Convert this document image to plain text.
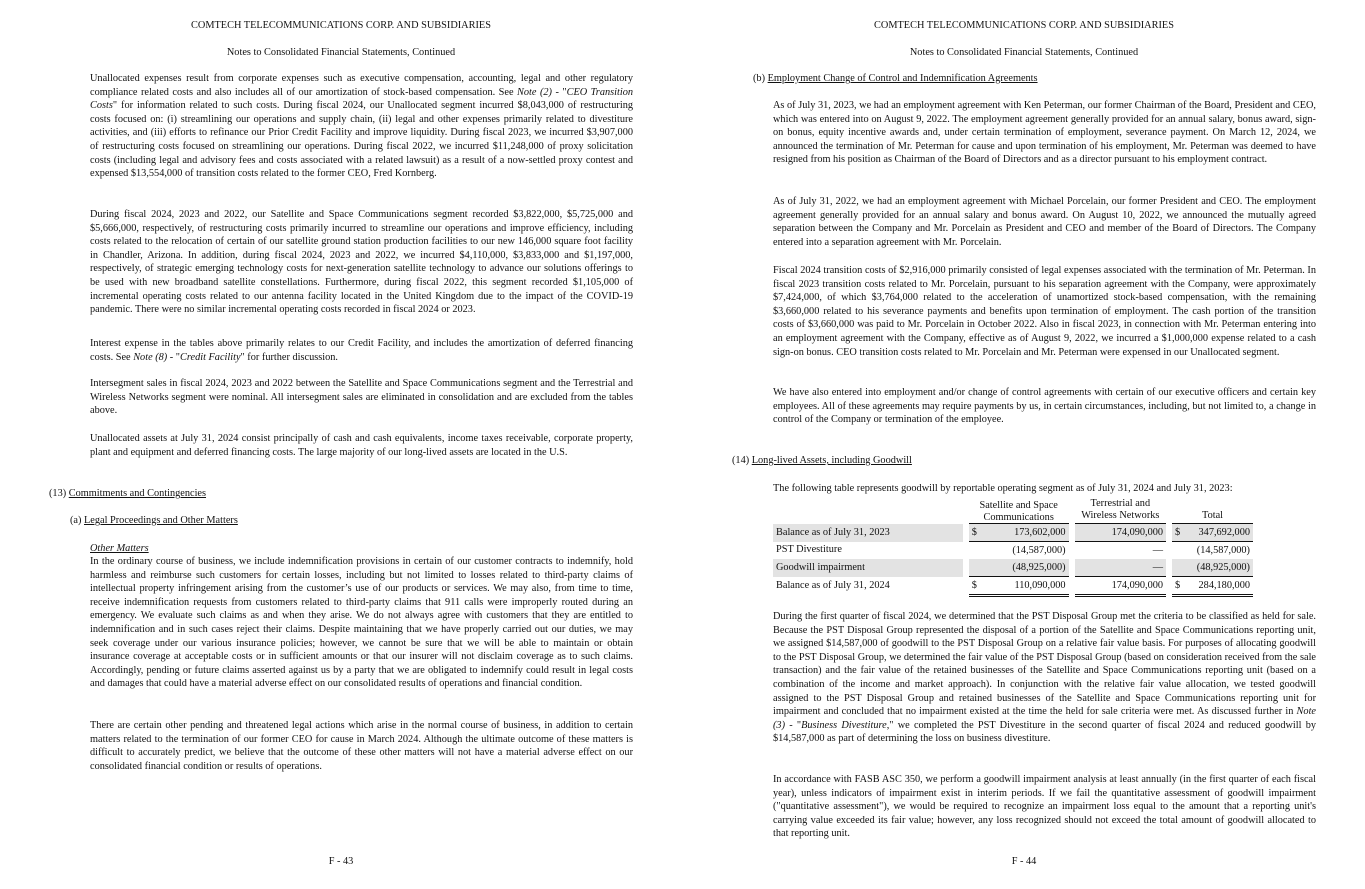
COMTECH TELECOMMUNICATIONS CORP. AND SUBSIDIARIES
Notes to Consolidated Financial Statements, Continued

Unallocated expenses result from corporate expenses such as executive compensation, accounting, legal and other regulatory compliance related costs and also includes all of our amortization of stock-based compensation. See Note (2) - "CEO Transition Costs" for information related to such costs. During fiscal 2024, our Unallocated segment incurred $8,043,000 of restructuring costs focused on: (i) streamlining our operations and supply chain, (ii) legal and other expenses primarily related to divestiture activities, and (iii) efforts to refinance our Prior Credit Facility and improve liquidity. During fiscal 2023, we incurred $3,907,000 of restructuring costs focused on streamlining our operations. During fiscal 2022, we incurred $11,248,000 of proxy solicitation costs (including legal and advisory fees and costs associated with a related lawsuit) as a result of a now-settled proxy contest and expensed $13,554,000 of transition costs related to the former CEO, Fred Kornberg.

During fiscal 2024, 2023 and 2022, our Satellite and Space Communications segment recorded $3,822,000, $5,725,000 and $5,666,000, respectively, of restructuring costs primarily incurred to streamline our operations and improve efficiency, including costs related to the relocation of certain of our satellite ground station production facilities to our new 146,000 square foot facility in Chandler, Arizona. In addition, during fiscal 2024, 2023 and 2022, we incurred $4,110,000, $3,833,000 and $1,197,000, respectively, of strategic emerging technology costs for next-generation satellite technology to advance our solutions offerings to be used with new broadband satellite constellations. Furthermore, during fiscal 2022, this segment recorded $1,105,000 of incremental operating costs related to our antenna facility located in the United Kingdom due to the impact of the COVID-19 pandemic. There were no similar incremental operating costs recorded in fiscal 2024 or 2023.

Interest expense in the tables above primarily relates to our Credit Facility, and includes the amortization of deferred financing costs. See Note (8) - "Credit Facility" for further discussion.

Intersegment sales in fiscal 2024, 2023 and 2022 between the Satellite and Space Communications segment and the Terrestrial and Wireless Networks segment were nominal. All intersegment sales are eliminated in consolidation and are excluded from the tables above.

Unallocated assets at July 31, 2024 consist principally of cash and cash equivalents, income taxes receivable, corporate property, plant and equipment and deferred financing costs. The large majority of our long-lived assets are located in the U.S.

(13) Commitments and Contingencies

(a) Legal Proceedings and Other Matters

Other Matters

In the ordinary course of business, we include indemnification provisions in certain of our customer contracts to indemnify, hold harmless and reimburse such customers for certain losses, including but not limited to losses related to third-party claims of intellectual property infringement arising from the customer’s use of our products or services. We may also, from time to time, receive indemnification requests from customers related to third-party claims that 911 calls were improperly routed during an emergency. We evaluate such claims as and when they arise. We do not always agree with customers that they are entitled to indemnification and in such cases reject their claims. Despite maintaining that we have properly carried out our duties, we may seek coverage under our various insurance policies; however, we cannot be sure that we will be able to maintain or obtain insurance coverage at acceptable costs or in sufficient amounts or that our insurer will not disclaim coverage as to such claims. Accordingly, pending or future claims asserted against us by a party that we are obligated to indemnify could result in legal costs and damages that could have a material adverse effect on our consolidated results of operations and financial condition.

There are certain other pending and threatened legal actions which arise in the normal course of business, in addition to certain matters related to the termination of our former CEO for cause in March 2024. Although the ultimate outcome of these matters is difficult to accurately predict, we believe that the outcome of these other matters will not have a material adverse effect on our consolidated financial condition or results of operations.

F - 43
COMTECH TELECOMMUNICATIONS CORP. AND SUBSIDIARIES
Notes to Consolidated Financial Statements, Continued

(b) Employment Change of Control and Indemnification Agreements

As of July 31, 2023, we had an employment agreement with Ken Peterman, our former Chairman of the Board, President and CEO, which was entered into on August 9, 2022. The employment agreement generally provided for an annual salary, bonus award, sign-on bonus, equity incentive awards and, under certain termination of employment, severance payment. On March 12, 2024, we announced the termination of Mr. Peterman for cause and upon termination of his employment, Mr. Peterman was deemed to have resigned from his position as Chairman of the Board of Directors and as a director pursuant to his employment contract.

As of July 31, 2022, we had an employment agreement with Michael Porcelain, our former President and CEO. The employment agreement generally provided for an annual salary and bonus award. On August 10, 2022, we announced the mutually agreed separation between the Company and Mr. Porcelain as President and CEO and member of the Board of Directors. The Company entered into a separation agreement with Mr. Porcelain.

Fiscal 2024 transition costs of $2,916,000 primarily consisted of legal expenses associated with the termination of Mr. Peterman. In fiscal 2023 transition costs related to Mr. Porcelain, pursuant to his separation agreement with the Company, were approximately $7,424,000, of which $3,764,000 related to the acceleration of unamortized stock-based compensation, with the remaining $3,660,000 related to his severance payments and benefits upon termination of employment. The cash portion of the transition costs of $3,660,000 was paid to Mr. Porcelain in October 2022. Also in fiscal 2023, in connection with Mr. Peterman entering into an employment agreement with the Company, effective as of August 9, 2022, we incurred a $1,000,000 expense related to a cash sign-on bonus. CEO transition costs related to Mr. Porcelain and Mr. Peterman were expensed in our Unallocated segment.

We have also entered into employment and/or change of control agreements with certain of our executive officers and certain key employees. All of these agreements may require payments by us, in certain circumstances, including, but not limited to, a change in control of the Company or termination of the employee.

(14) Long-lived Assets, including Goodwill

The following table represents goodwill by reportable operating segment as of July 31, 2024 and July 31, 2023:

		Satellite and Space Communications			Terrestrial and Wireless Networks		Total	
Balance as of July 31, 2023		$	173,602,000		174,090,000		$	347,692,000
PST Divestiture			(14,587,000)		—			(14,587,000)
Goodwill impairment			(48,925,000)		—			(48,925,000)
Balance as of July 31, 2024		$	110,090,000		174,090,000		$	284,180,000

During the first quarter of fiscal 2024, we determined that the PST Disposal Group met the criteria to be classified as held for sale. Because the PST Disposal Group represented the disposal of a portion of the Satellite and Space Communications reporting unit, we assigned $14,587,000 of goodwill to the PST Disposal Group on a relative fair value basis. For purposes of allocating goodwill to the PST Disposal Group, we determined the fair value of the PST Disposal Group (based on consideration received from the sale transaction) and the fair value of the retained businesses of the Satellite and Space Communications reporting unit (based on a combination of the income and market approach). In conjunction with the relative fair value allocation, we tested goodwill assigned to the PST Disposal Group and retained businesses of the Satellite and Space Communications reporting unit for impairment and concluded that no impairment existed at the time the held for sale criteria were met. As discussed further in Note (3) - "Business Divestiture," we completed the PST Divestiture in the second quarter of fiscal 2024 and reduced goodwill by $14,587,000 as part of determining the loss on business divestiture.

In accordance with FASB ASC 350, we perform a goodwill impairment analysis at least annually (in the first quarter of each fiscal year), unless indicators of impairment exist in interim periods. If we fail the quantitative assessment of goodwill impairment ("quantitative assessment"), we would be required to recognize an impairment loss equal to the amount that a reporting unit's carrying value exceeded its fair value; however, any loss recognized should not exceed the total amount of goodwill allocated to that reporting unit.

F - 44
